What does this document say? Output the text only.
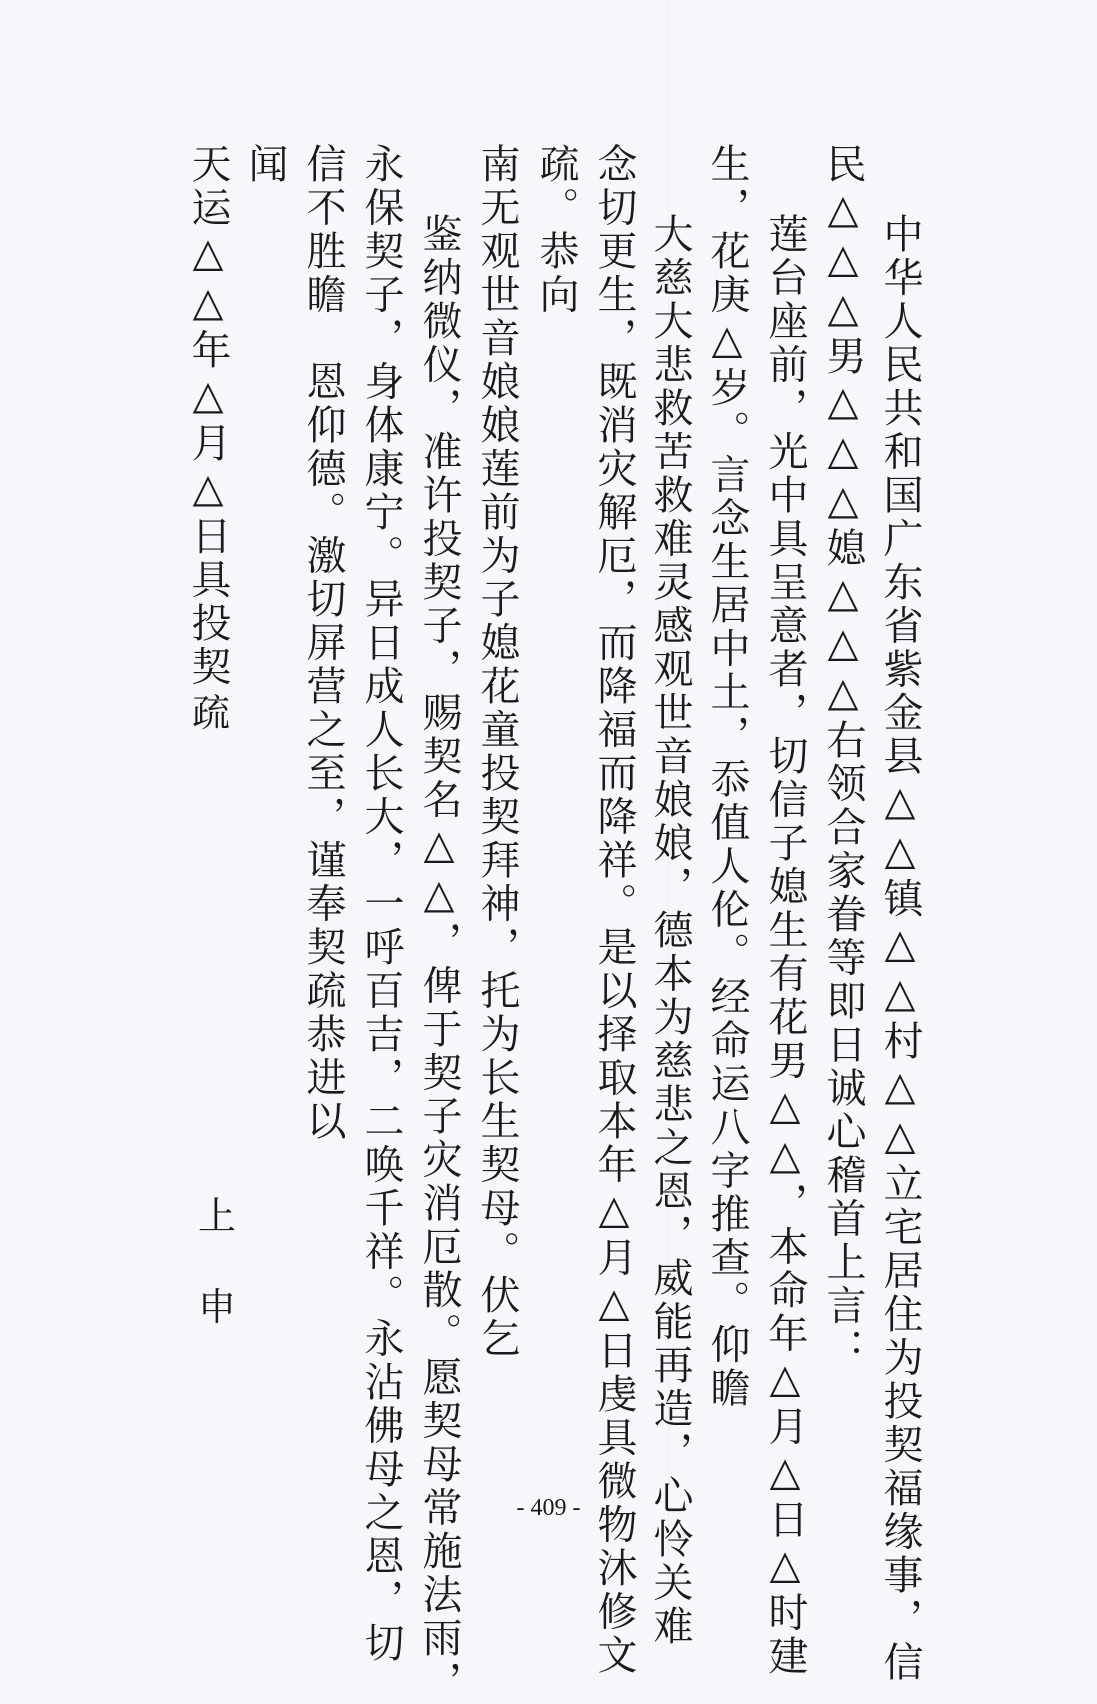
中华人民共和国广东省紫金县△△镇△△村△△立宅居住为投契福缘事，信
民△△△男△△△媳△△△右领合家眷等即日诚心稽首上言：
莲台座前，光中具呈意者，切信子媳生有花男△△，本命年△月△日△时建
生，花庚△岁。言念生居中土，忝值人伦。经命运八字推查。仰瞻
大慈大悲救苦救难灵感观世音娘娘，德本为慈悲之恩，威能再造，心怜关难
念切更生，既消灾解厄，而降福而降祥。是以择取本年△月△日虔具微物沐修文
疏。恭向
南无观世音娘娘莲前为子媳花童投契拜神，托为长生契母。伏乞
鉴纳微仪，准许投契子，赐契名△△，俾于契子灾消厄散。愿契母常施法雨，
永保契子，身体康宁。异日成人长大，一呼百吉，二唤千祥。永沾佛母之恩，切
信不胜瞻　恩仰德。激切屏营之至，谨奉契疏恭进以
闻
天运△△年△月△日具投契
疏
上
申
- 409 -
